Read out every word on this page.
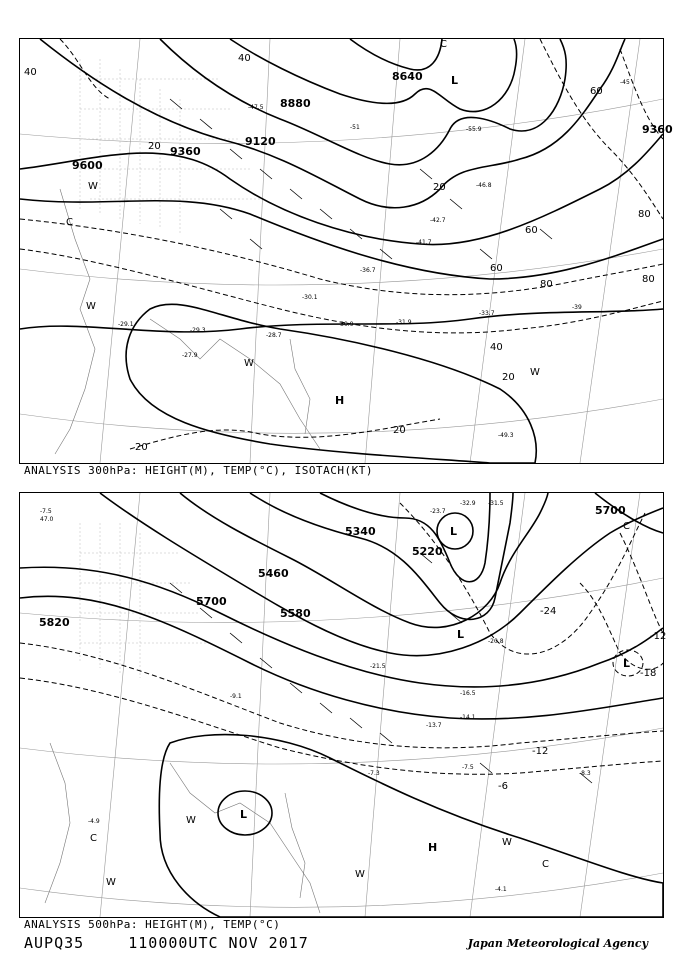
9600
9360
9120
8880
8640
9360
40
20
60
80
60
40
20
20
20
40
20
60
80
80
-29.1
-29.3
-27.9
-28.7
-30.9	-31.9
-30.1
-33.7
-39
-45
-47.5
-51	-55.9
-46.8
-41.7
-42.7
-36.7
-49.3
L
H
W
W
C
W
W
C
ANALYSIS 300hPa: HEIGHT(M), TEMP(°C), ISOTACH(KT)
5820
5700
5460
5340
5220
5700
5580
-12
-18
-24
-6
-12
-7.5
47.0
-23.7
-32.9 -31.5
-7.3
-7.5
-8.3
-4.1
-4.9
-14.1
-13.7
-16.5
-9.1
-21.5
-20.8
L
L
L
L
H
W
W
W
W
C
C
C
ANALYSIS 500hPa: HEIGHT(M), TEMP(°C)
AUPQ35	110000UTC NOV 2017	Japan Meteorological Agency
